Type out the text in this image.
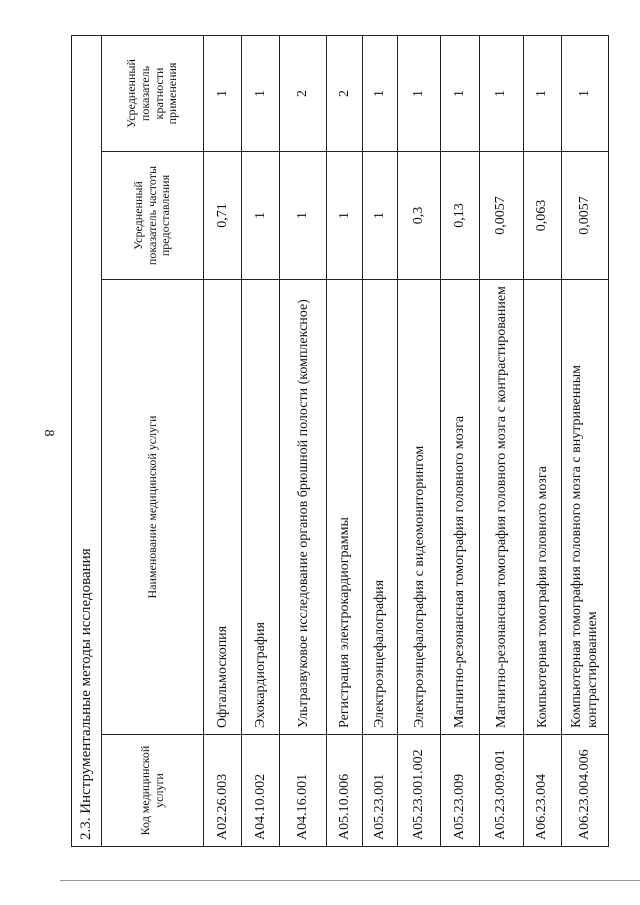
8
2.3. Инструментальные методы исследования			
Код медицинской услуги	Наименование медицинской услуги	Усредненный показатель частоты предоставления	Усредненный показатель кратности применения
A02.26.003	Офтальмоскопия	0,71	1
A04.10.002	Эхокардиография	1	1
A04.16.001	Ультразвуковое исследование органов брюшной полости (комплексное)	1	2
A05.10.006	Регистрация электрокардиограммы	1	2
A05.23.001	Электроэнцефалография	1	1
A05.23.001.002	Электроэнцефалография с видеомониторингом	0,3	1
A05.23.009	Магнитно-резонансная томография головного мозга	0,13	1
A05.23.009.001	Магнитно-резонансная томография головного мозга с контрастированием	0,0057	1
A06.23.004	Компьютерная томография головного мозга	0,063	1
A06.23.004.006	Компьютерная томография головного мозга с внутривенным контрастированием	0,0057	1
